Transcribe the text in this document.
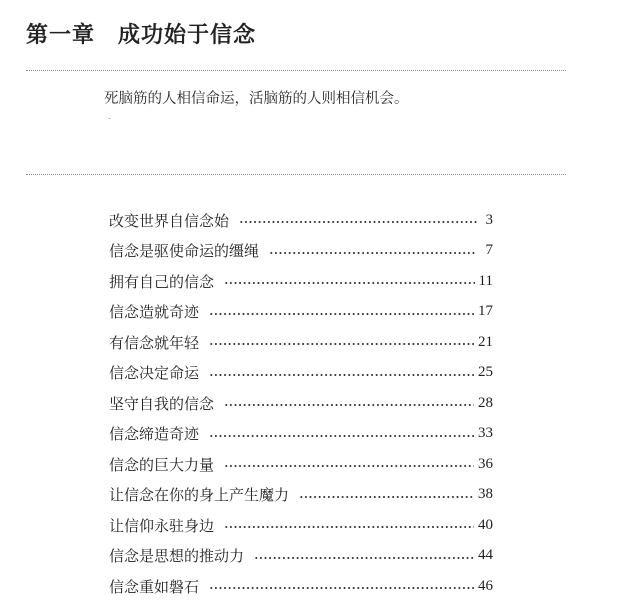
第一章　成功始于信念
死脑筋的人相信命运，活脑筋的人则相信机会。
改变世界自信念始	3
信念是驱使命运的缰绳	7
拥有自己的信念	11
信念造就奇迹	17
有信念就年轻	21
信念决定命运	25
坚守自我的信念	28
信念缔造奇迹	33
信念的巨大力量	36
让信念在你的身上产生魔力	38
让信仰永驻身边	40
信念是思想的推动力	44
信念重如磐石	46
